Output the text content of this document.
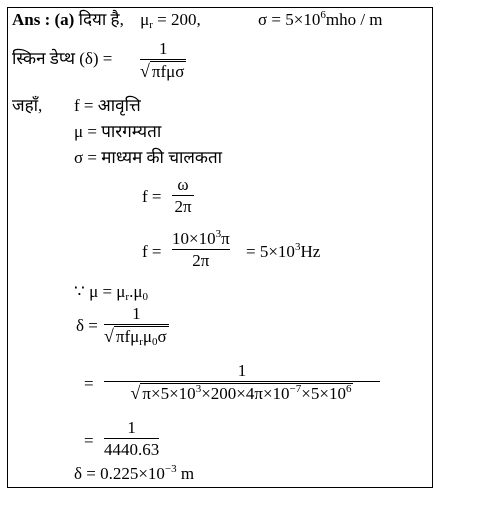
Ans : (a) दिया है, $\mu_r = 200$,	$\sigma = 5\times 10^6mho / m$
स्किन डेप्थ (δ) =
1
√ πfμσ
जहाँ, f = आवृत्ति
μ = पारगम्यता
σ = माध्यम की चालकता
f =
ω
2π
f =
$10\times 10^3\pi$
2π	= $5\times 10^3Hz$
∵ $\mu = \mu_r.\mu_0$
δ =
1
√ $\pi f\mu_r\mu_0\sigma$
=
1
√ $\pi\times 5\times 10^3\times 200\times 4\pi\times 10^{-7}\times 5\times 10^6$
=
1
4440.63
$\delta = 0.225\times 10^{-3}$ m
